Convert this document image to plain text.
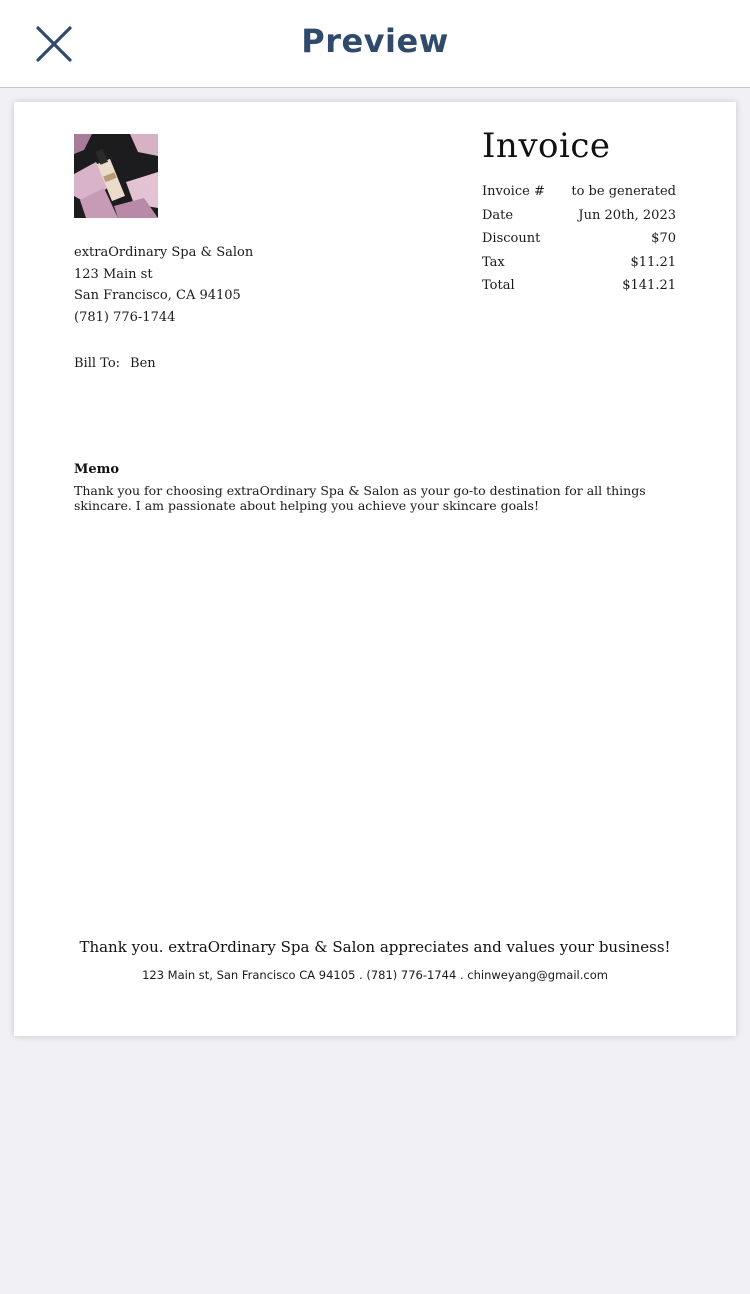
Preview
extraOrdinary Spa & Salon
123 Main st
San Francisco, CA 94105
(781) 776-1744
Invoice
Invoice # to be generated
Date	Jun 20th, 2023
Discount	$70
Tax	$11.21
Total	$141.21
Bill To: Ben
Memo
Thank you for choosing extraOrdinary Spa & Salon as your go-to destination for all things skincare. I am passionate about helping you achieve your skincare goals!
Thank you. extraOrdinary Spa & Salon appreciates and values your business!
123 Main st, San Francisco CA 94105 . (781) 776-1744 . chinweyang@gmail.com
